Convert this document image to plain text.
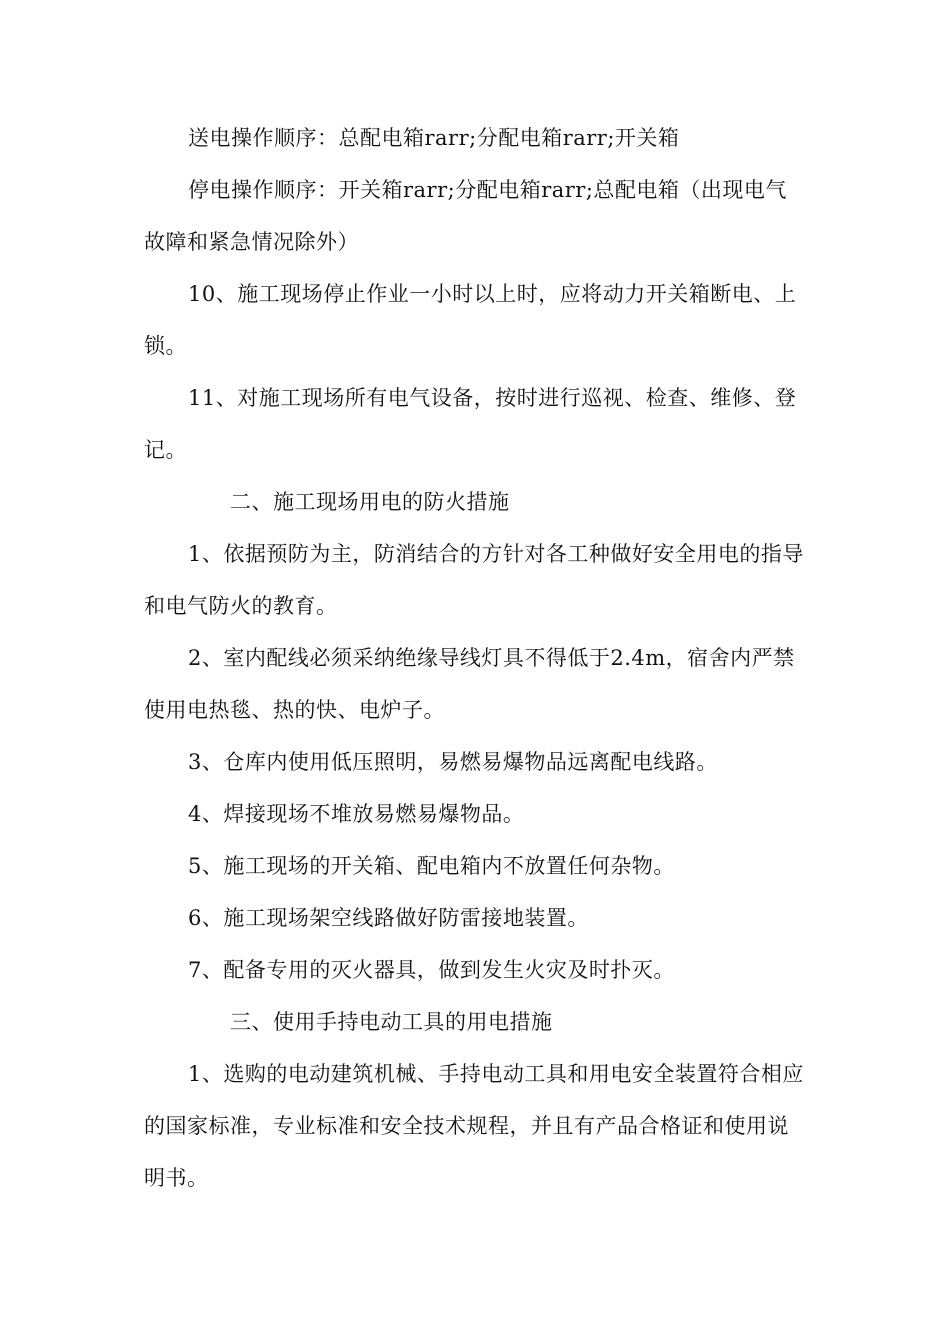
送电操作顺序：总配电箱rarr;分配电箱rarr;开关箱

停电操作顺序：开关箱rarr;分配电箱rarr;总配电箱（出现电气故障和紧急情况除外）

10、施工现场停止作业一小时以上时，应将动力开关箱断电、上锁。

11、对施工现场所有电气设备，按时进行巡视、检查、维修、登记。

二、施工现场用电的防火措施

1、依据预防为主，防消结合的方针对各工种做好安全用电的指导和电气防火的教育。

2、室内配线必须采纳绝缘导线灯具不得低于2.4m，宿舍内严禁使用电热毯、热的快、电炉子。

3、仓库内使用低压照明，易燃易爆物品远离配电线路。

4、焊接现场不堆放易燃易爆物品。

5、施工现场的开关箱、配电箱内不放置任何杂物。

6、施工现场架空线路做好防雷接地装置。

7、配备专用的灭火器具，做到发生火灾及时扑灭。

三、使用手持电动工具的用电措施

1、选购的电动建筑机械、手持电动工具和用电安全装置符合相应的国家标准，专业标准和安全技术规程，并且有产品合格证和使用说明书。
